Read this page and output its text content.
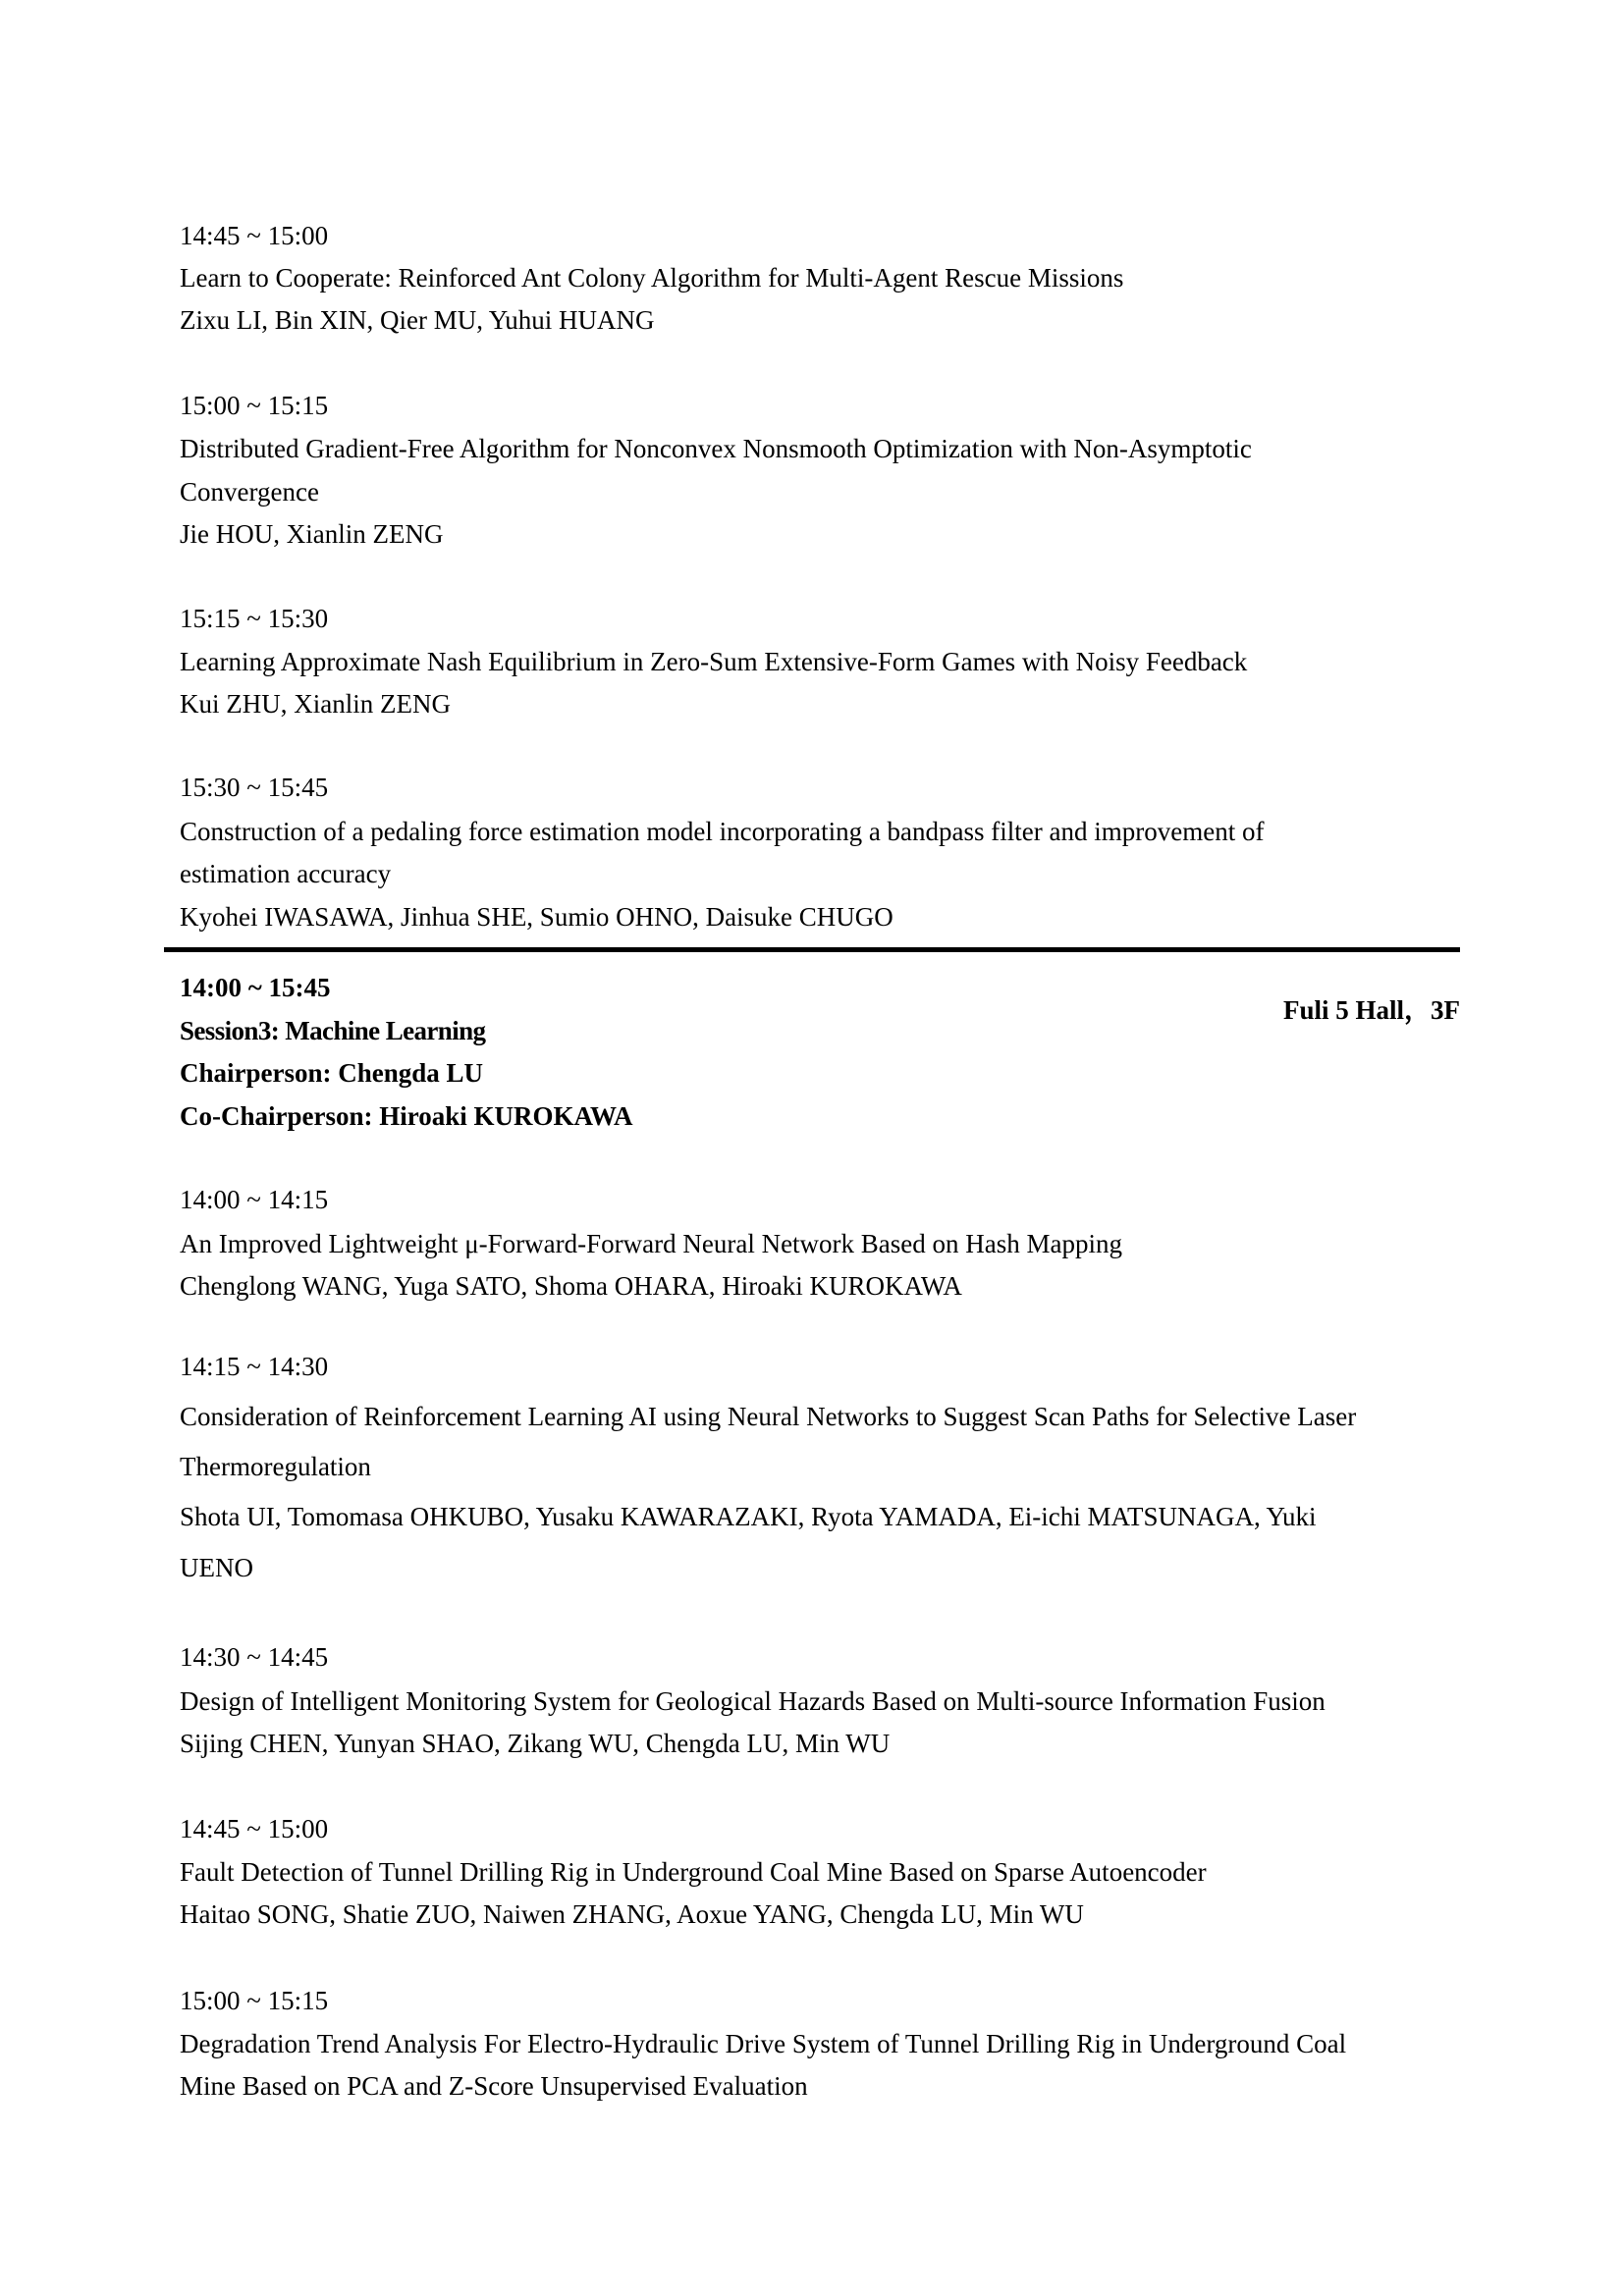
14:45 ~ 15:00
Learn to Cooperate: Reinforced Ant Colony Algorithm for Multi-Agent Rescue Missions
Zixu LI, Bin XIN, Qier MU, Yuhui HUANG
15:00 ~ 15:15
Distributed Gradient-Free Algorithm for Nonconvex Nonsmooth Optimization with Non-Asymptotic
Convergence
Jie HOU, Xianlin ZENG
15:15 ~ 15:30
Learning Approximate Nash Equilibrium in Zero-Sum Extensive-Form Games with Noisy Feedback
Kui ZHU, Xianlin ZENG
15:30 ~ 15:45
Construction of a pedaling force estimation model incorporating a bandpass filter and improvement of
estimation accuracy
Kyohei IWASAWA, Jinhua SHE, Sumio OHNO, Daisuke CHUGO
14:00 ~ 15:45
Session3: Machine Learning
Chairperson: Chengda LU
Co-Chairperson: Hiroaki KUROKAWA
Fuli 5 Hall，3F
14:00 ~ 14:15
An Improved Lightweight μ-Forward-Forward Neural Network Based on Hash Mapping
Chenglong WANG, Yuga SATO, Shoma OHARA, Hiroaki KUROKAWA
14:15 ~ 14:30
Consideration of Reinforcement Learning AI using Neural Networks to Suggest Scan Paths for Selective Laser
Thermoregulation
Shota UI, Tomomasa OHKUBO, Yusaku KAWARAZAKI, Ryota YAMADA, Ei-ichi MATSUNAGA, Yuki
UENO
14:30 ~ 14:45
Design of Intelligent Monitoring System for Geological Hazards Based on Multi-source Information Fusion
Sijing CHEN, Yunyan SHAO, Zikang WU, Chengda LU, Min WU
14:45 ~ 15:00
Fault Detection of Tunnel Drilling Rig in Underground Coal Mine Based on Sparse Autoencoder
Haitao SONG, Shatie ZUO, Naiwen ZHANG, Aoxue YANG, Chengda LU, Min WU
15:00 ~ 15:15
Degradation Trend Analysis For Electro-Hydraulic Drive System of Tunnel Drilling Rig in Underground Coal
Mine Based on PCA and Z-Score Unsupervised Evaluation
